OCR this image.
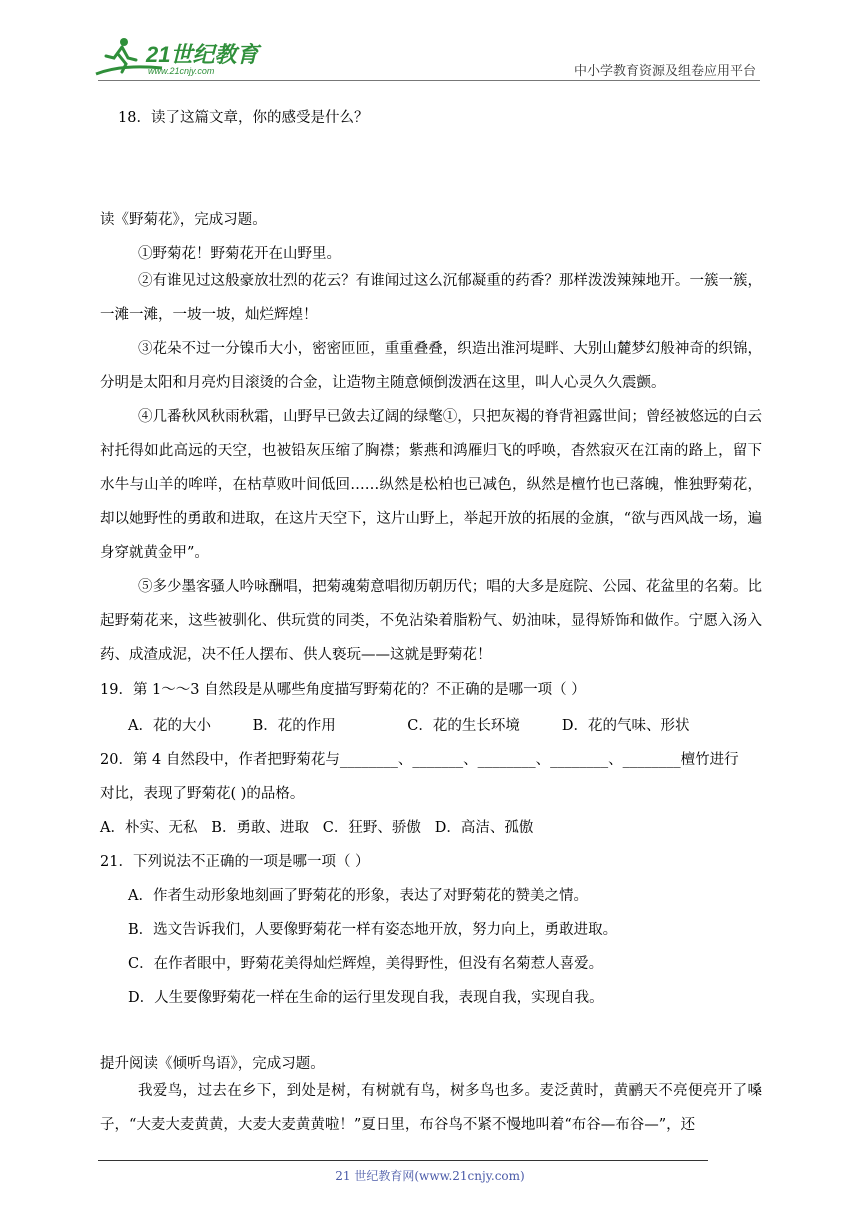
21世纪教育
www.21cnjy.com	中小学教育资源及组卷应用平台
18．读了这篇文章，你的感受是什么？
读《野菊花》，完成习题。
①野菊花！野菊花开在山野里。
②有谁见过这般豪放壮烈的花云？有谁闻过这么沉郁凝重的药香？那样泼泼辣辣地开。一簇一簇，一滩一滩，一坡一坡，灿烂辉煌！
③花朵不过一分镍币大小，密密匝匝，重重叠叠，织造出淮河堤畔、大别山麓梦幻般神奇的织锦，分明是太阳和月亮灼目滚烫的合金，让造物主随意倾倒泼洒在这里，叫人心灵久久震颤。
④几番秋风秋雨秋霜，山野早已敛去辽阔的绿氅①，只把灰褐的脊背袒露世间；曾经被悠远的白云衬托得如此高远的天空，也被铅灰压缩了胸襟；紫燕和鸿雁归飞的呼唤，杳然寂灭在江南的路上，留下水牛与山羊的哞咩，在枯草败叶间低回……纵然是松柏也已减色，纵然是檀竹也已落魄，惟独野菊花，却以她野性的勇敢和进取，在这片天空下，这片山野上，举起开放的拓展的金旗，“欲与西风战一场，遍身穿就黄金甲”。
⑤多少墨客骚人吟咏酬唱，把菊魂菊意唱彻历朝历代；唱的大多是庭院、公园、花盆里的名菊。比起野菊花来，这些被驯化、供玩赏的同类，不免沾染着脂粉气、奶油味，显得矫饰和做作。宁愿入汤入药、成渣成泥，决不任人摆布、供人亵玩——这就是野菊花！
19．第 1～～3 自然段是从哪些角度描写野菊花的？不正确的是哪一项（ ）
A．花的大小	B．花的作用	C．花的生长环境	D．花的气味、形状
20．第 4 自然段中，作者把野菊花与________、_______、________、________、________檀竹进行
对比，表现了野菊花( )的品格。
A．朴实、无私   B．勇敢、进取   C．狂野、骄傲   D．高洁、孤傲
21．下列说法不正确的一项是哪一项（ ）
A．作者生动形象地刻画了野菊花的形象，表达了对野菊花的赞美之情。
B．选文告诉我们，人要像野菊花一样有姿态地开放，努力向上，勇敢进取。
C．在作者眼中，野菊花美得灿烂辉煌，美得野性，但没有名菊惹人喜爱。
D．人生要像野菊花一样在生命的运行里发现自我，表现自我，实现自我。
提升阅读《倾听鸟语》，完成习题。
我爱鸟，过去在乡下，到处是树，有树就有鸟，树多鸟也多。麦泛黄时，黄鹂天不亮便亮开了嗓子，“大麦大麦黄黄，大麦大麦黄黄啦！”夏日里，布谷鸟不紧不慢地叫着“布谷—布谷—”，还
21 世纪教育网(www.21cnjy.com)
